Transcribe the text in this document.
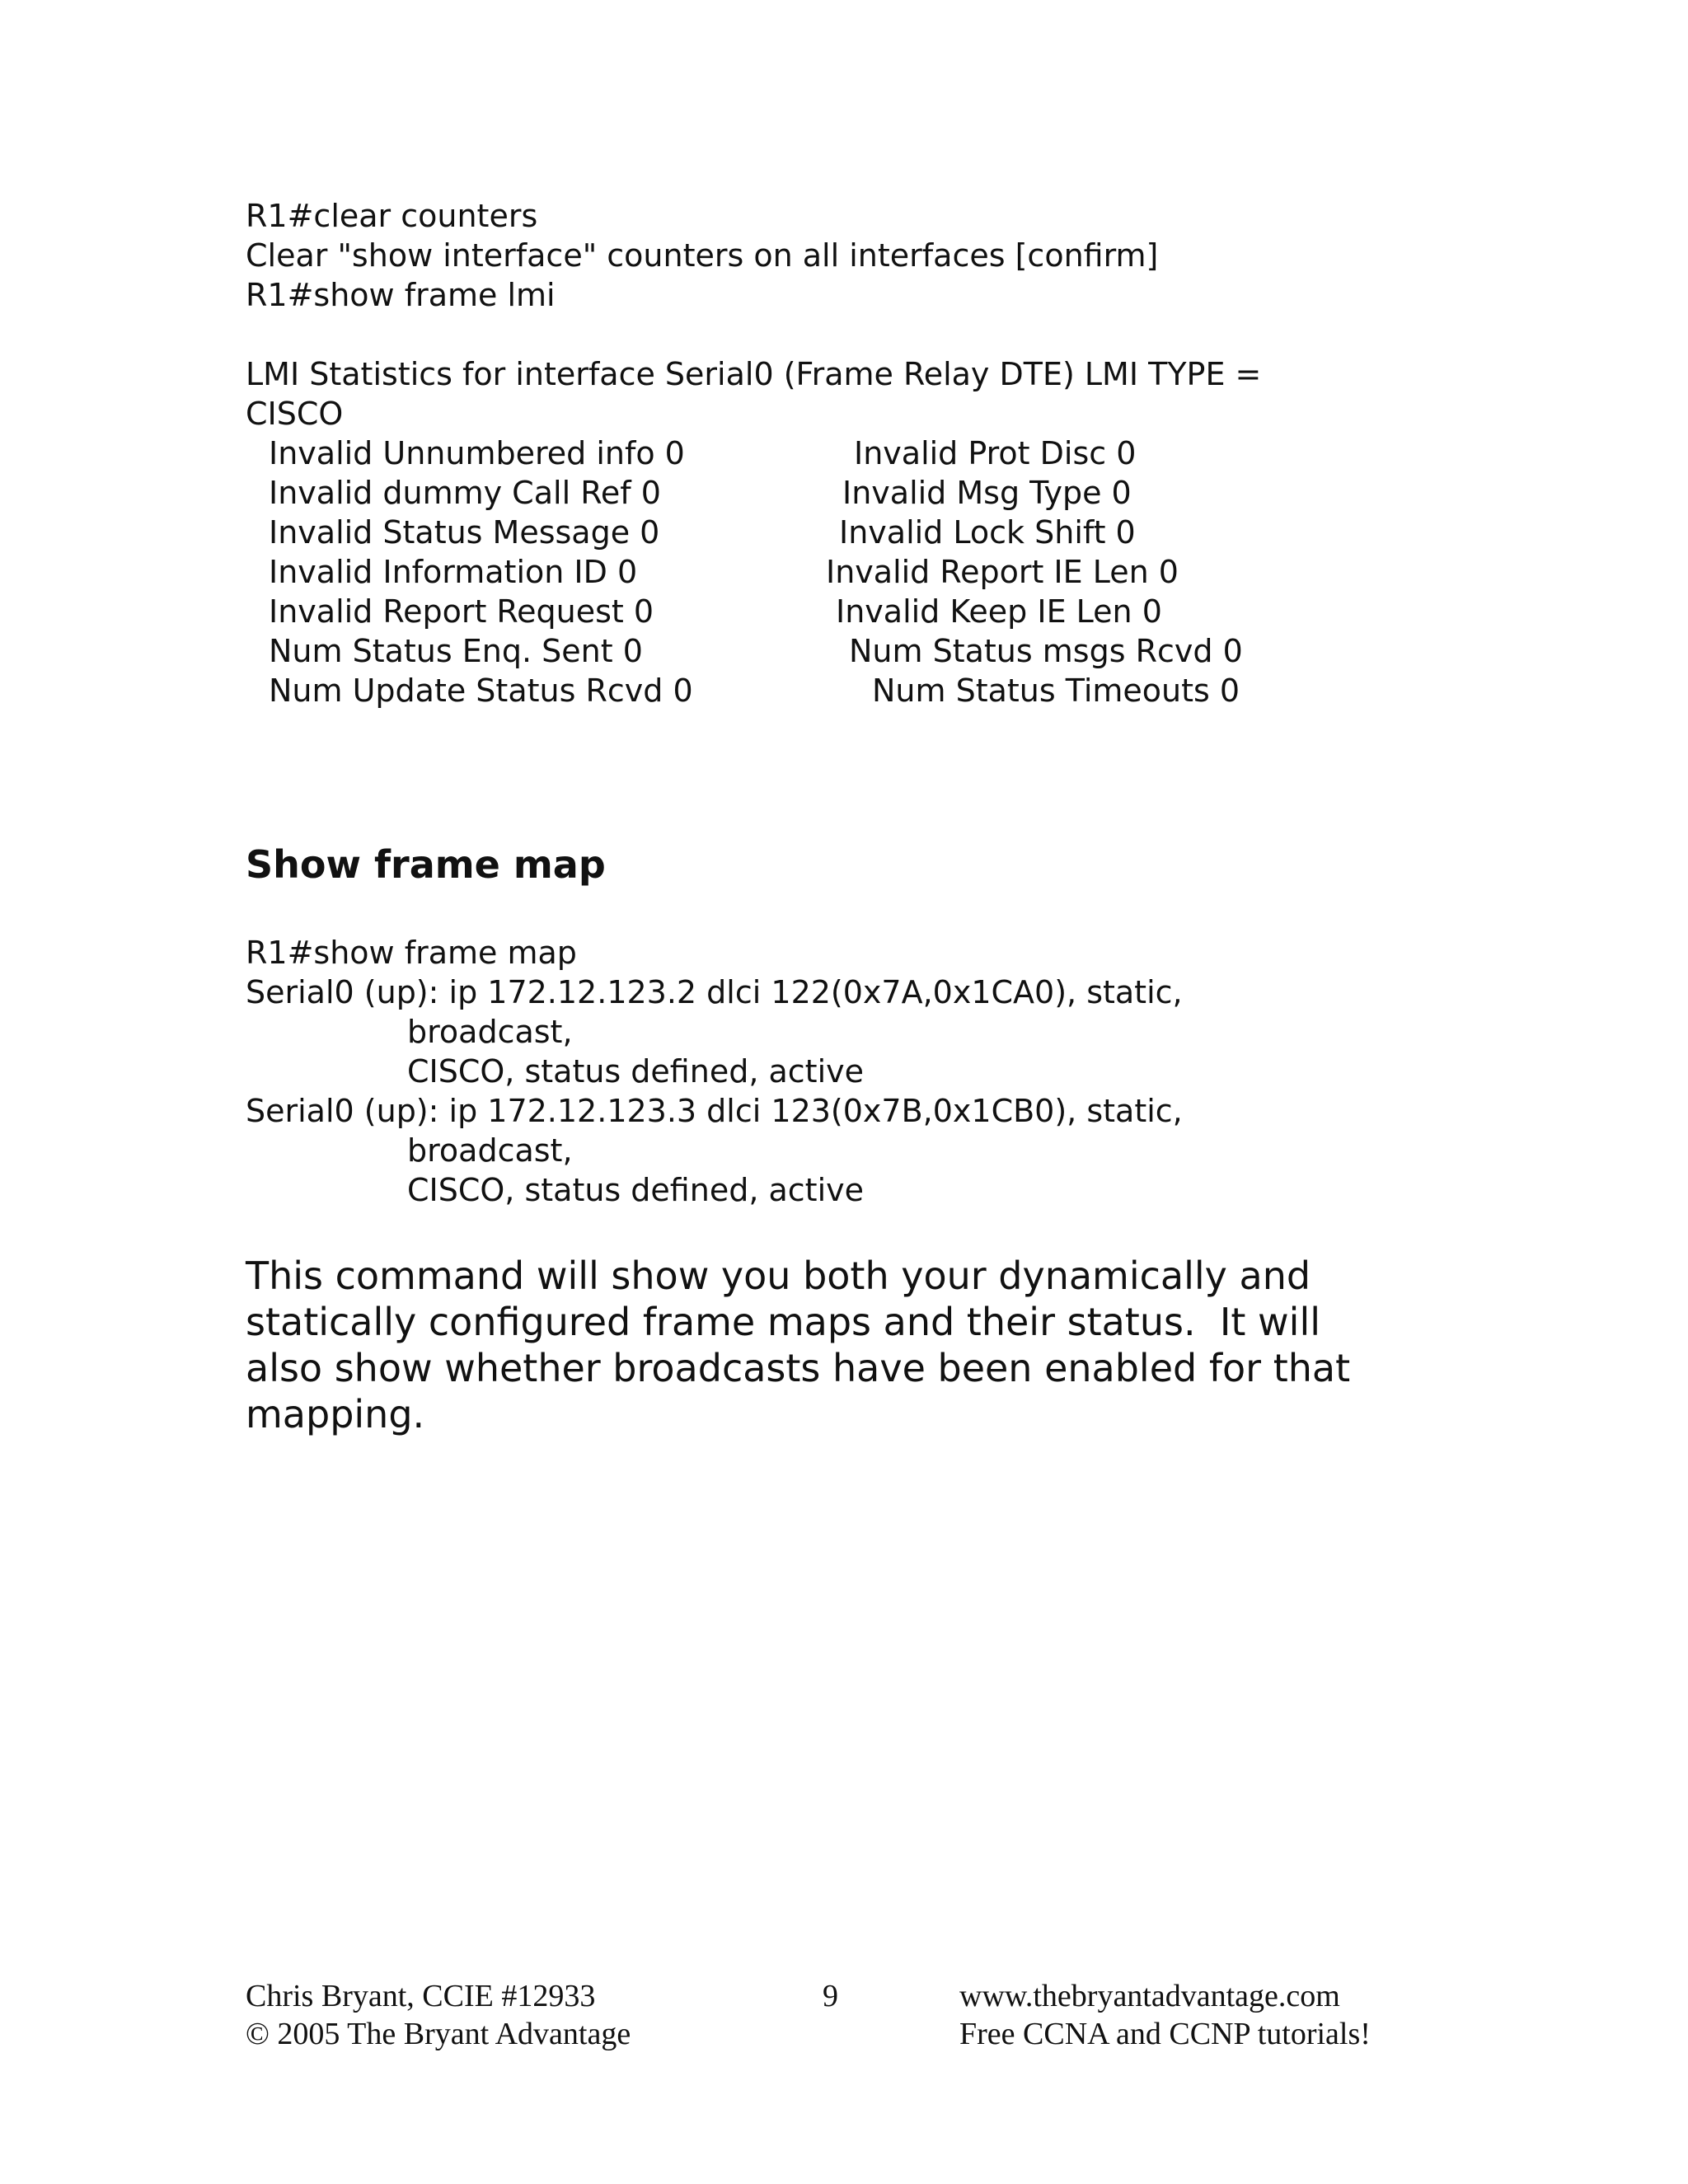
R1#clear counters
Clear "show interface" counters on all interfaces [confirm]
R1#show frame lmi
LMI Statistics for interface Serial0 (Frame Relay DTE) LMI TYPE =
CISCO
Invalid Unnumbered info 0	Invalid Prot Disc 0
Invalid dummy Call Ref 0	Invalid Msg Type 0
Invalid Status Message 0	Invalid Lock Shift 0
Invalid Information ID 0	Invalid Report IE Len 0
Invalid Report Request 0	Invalid Keep IE Len 0
Num Status Enq. Sent 0	Num Status msgs Rcvd 0
Num Update Status Rcvd 0	Num Status Timeouts 0
Show frame map
R1#show frame map
Serial0 (up): ip 172.12.123.2 dlci 122(0x7A,0x1CA0), static,
broadcast,
CISCO, status defined, active
Serial0 (up): ip 172.12.123.3 dlci 123(0x7B,0x1CB0), static,
broadcast,
CISCO, status defined, active
This command will show you both your dynamically and
statically configured frame maps and their status.  It will
also show whether broadcasts have been enabled for that
mapping.
Chris Bryant, CCIE #12933
© 2005 The Bryant Advantage
9	www.thebryantadvantage.com
Free CCNA and CCNP tutorials!
